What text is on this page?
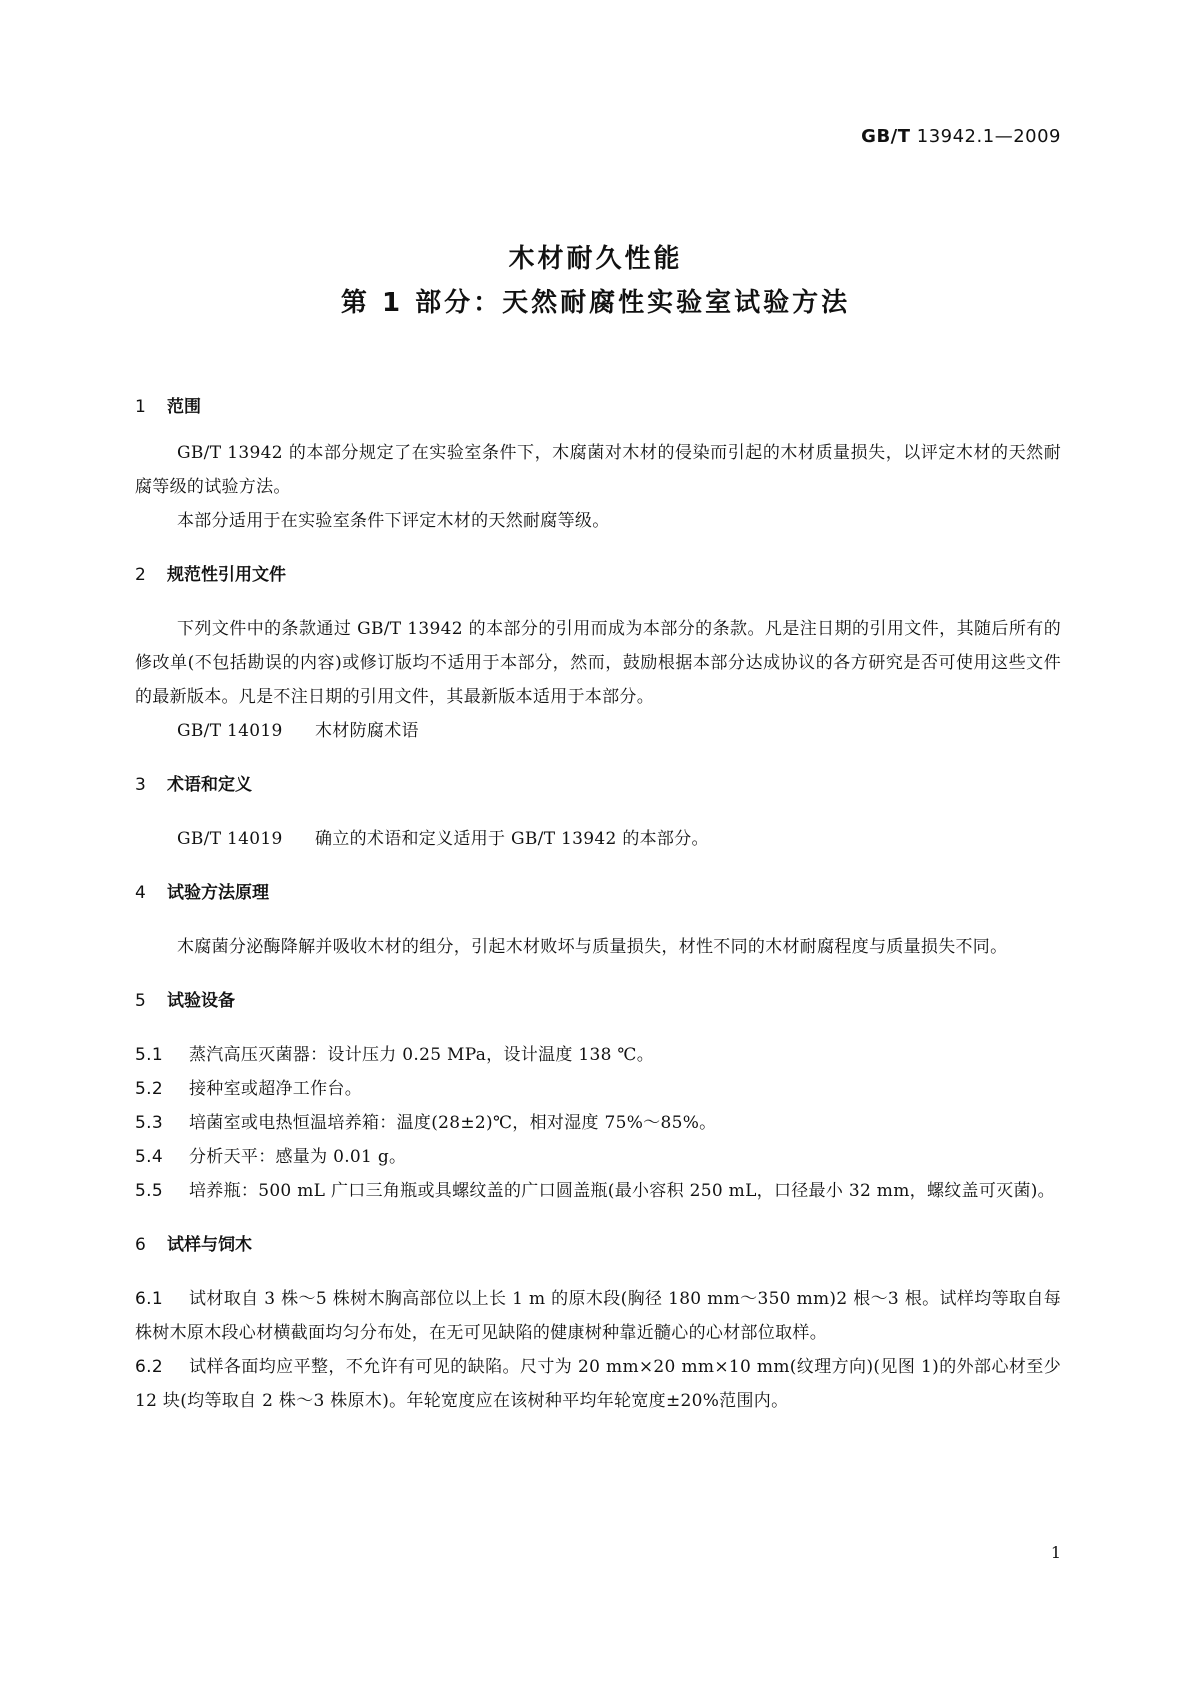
GB/T 13942.1—2009
木材耐久性能
第 1 部分：天然耐腐性实验室试验方法

1 范围

GB/T 13942 的本部分规定了在实验室条件下，木腐菌对木材的侵染而引起的木材质量损失，以评定木材的天然耐腐等级的试验方法。

本部分适用于在实验室条件下评定木材的天然耐腐等级。

2 规范性引用文件

下列文件中的条款通过 GB/T 13942 的本部分的引用而成为本部分的条款。凡是注日期的引用文件，其随后所有的修改单(不包括勘误的内容)或修订版均不适用于本部分，然而，鼓励根据本部分达成协议的各方研究是否可使用这些文件的最新版本。凡是不注日期的引用文件，其最新版本适用于本部分。

GB/T 14019 木材防腐术语

3 术语和定义

GB/T 14019 确立的术语和定义适用于 GB/T 13942 的本部分。

4 试验方法原理

木腐菌分泌酶降解并吸收木材的组分，引起木材败坏与质量损失，材性不同的木材耐腐程度与质量损失不同。

5 试验设备

5.1 蒸汽高压灭菌器：设计压力 0.25 MPa，设计温度 138 ℃。

5.2 接种室或超净工作台。

5.3 培菌室或电热恒温培养箱：温度(28±2)℃，相对湿度 75%～85%。

5.4 分析天平：感量为 0.01 g。

5.5 培养瓶：500 mL 广口三角瓶或具螺纹盖的广口圆盖瓶(最小容积 250 mL，口径最小 32 mm，螺纹盖可灭菌)。

6 试样与饲木

6.1 试材取自 3 株～5 株树木胸高部位以上长 1 m 的原木段(胸径 180 mm～350 mm)2 根～3 根。试样均等取自每株树木原木段心材横截面均匀分布处，在无可见缺陷的健康树种靠近髓心的心材部位取样。

6.2 试样各面均应平整，不允许有可见的缺陷。尺寸为 20 mm×20 mm×10 mm(纹理方向)(见图 1)的外部心材至少 12 块(均等取自 2 株～3 株原木)。年轮宽度应在该树种平均年轮宽度±20%范围内。

1
